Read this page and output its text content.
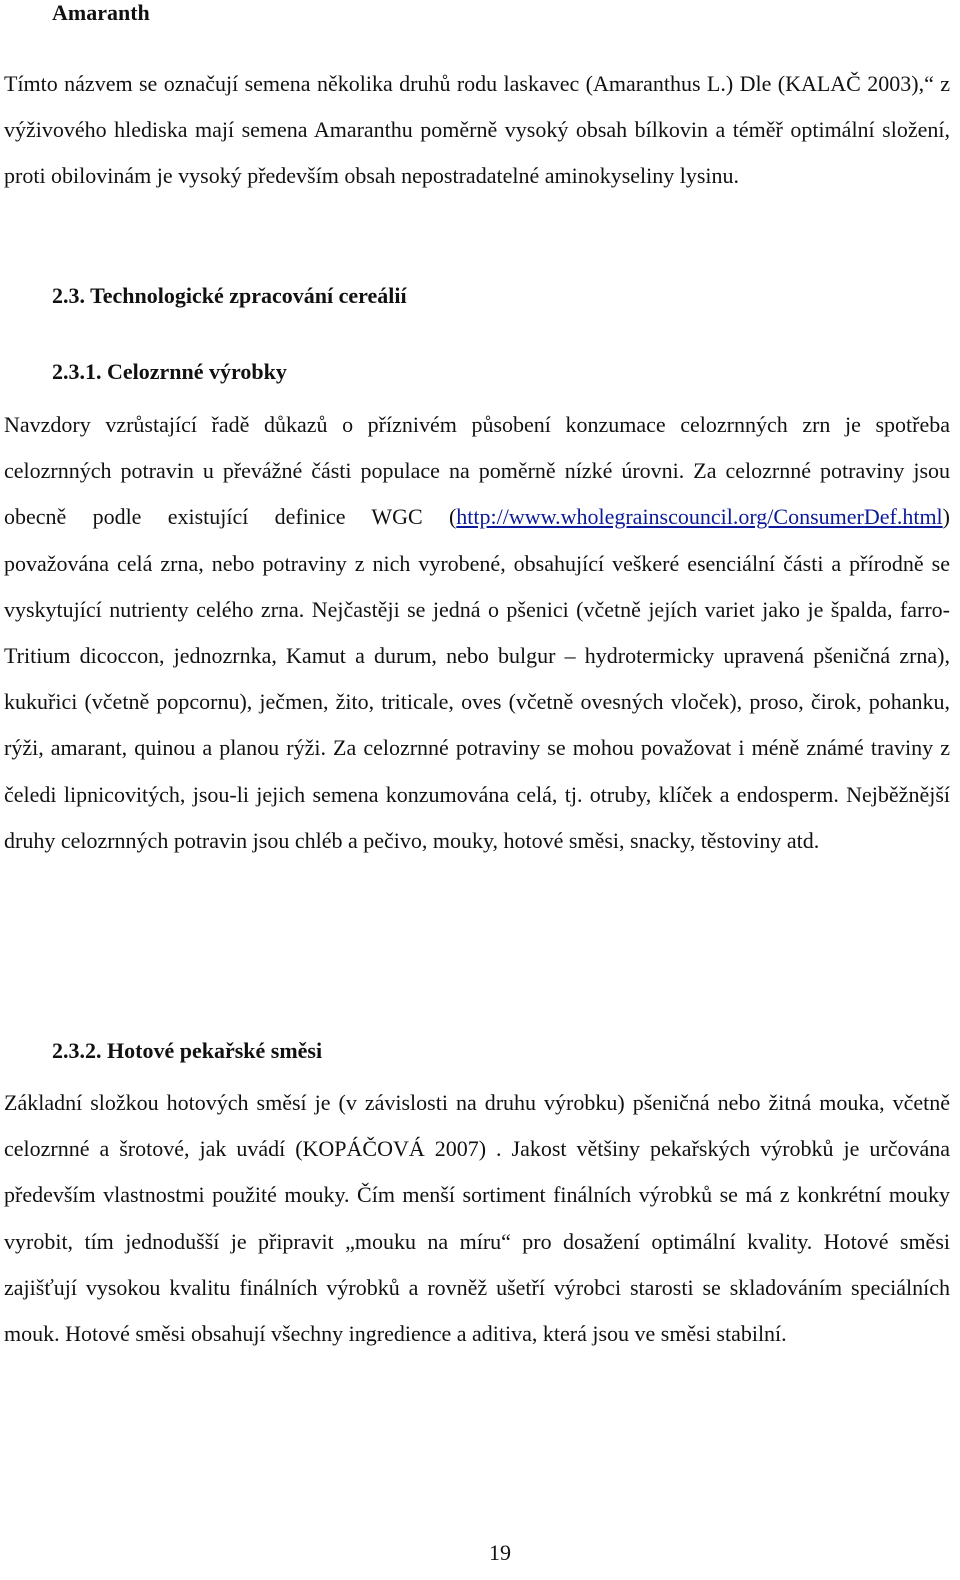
Amaranth

Tímto názvem se označují semena několika druhů rodu laskavec (Amaranthus L.) Dle (KALAČ 2003),“ z výživového hlediska mají semena Amaranthu poměrně vysoký obsah bílkovin a téměř optimální složení, proti obilovinám je vysoký především obsah nepostradatelné aminokyseliny lysinu.

2.3. Technologické zpracování cereálií
2.3.1. Celozrnné výrobky

Navzdory vzrůstající řadě důkazů o příznivém působení konzumace celozrnných zrn je spotřeba celozrnných potravin u převážné části populace na poměrně nízké úrovni. Za celozrnné potraviny jsou obecně podle existující definice WGC (http://www.wholegrainscouncil.org/ConsumerDef.html) považována celá zrna, nebo potraviny z nich vyrobené, obsahující veškeré esenciální části a přírodně se vyskytující nutrienty celého zrna. Nejčastěji se jedná o pšenici (včetně jejích variet jako je špalda, farro-Tritium dicoccon, jednozrnka, Kamut a durum, nebo bulgur – hydrotermicky upravená pšeničná zrna), kukuřici (včetně popcornu), ječmen, žito, triticale, oves (včetně ovesných vloček), proso, čirok, pohanku, rýži, amarant, quinou a planou rýži. Za celozrnné potraviny se mohou považovat i méně známé traviny z čeledi lipnicovitých, jsou-li jejich semena konzumována celá, tj. otruby, klíček a endosperm. Nejběžnější druhy celozrnných potravin jsou chléb a pečivo, mouky, hotové směsi, snacky, těstoviny atd.

2.3.2. Hotové pekařské směsi

Základní složkou hotových směsí je (v závislosti na druhu výrobku) pšeničná nebo žitná mouka, včetně celozrnné a šrotové, jak uvádí (KOPÁČOVÁ 2007) . Jakost většiny pekařských výrobků je určována především vlastnostmi použité mouky. Čím menší sortiment finálních výrobků se má z konkrétní mouky vyrobit, tím jednodušší je připravit „mouku na míru“ pro dosažení optimální kvality. Hotové směsi zajišťují vysokou kvalitu finálních výrobků a rovněž ušetří výrobci starosti se skladováním speciálních mouk. Hotové směsi obsahují všechny ingredience a aditiva, která jsou ve směsi stabilní.

19
